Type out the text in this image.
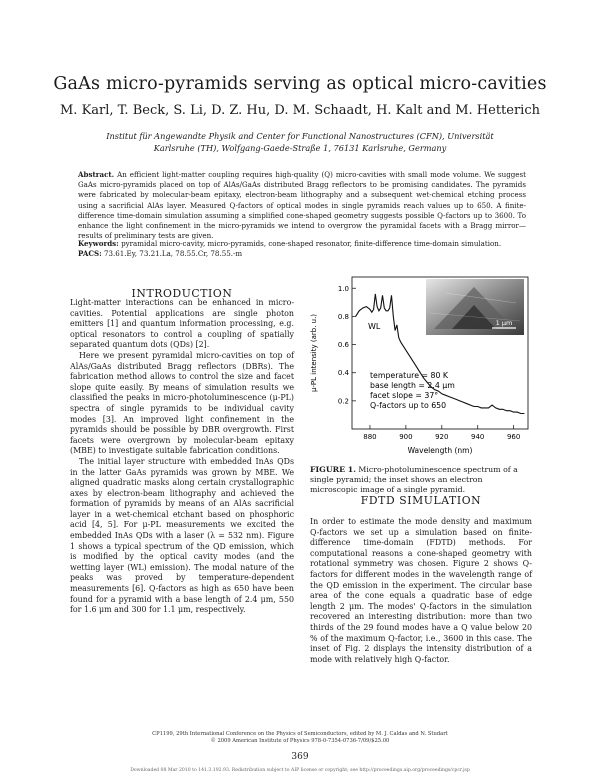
GaAs micro-pyramids serving as optical micro-cavities
M. Karl, T. Beck, S. Li, D. Z. Hu, D. M. Schaadt, H. Kalt and M. Hetterich
Institut für Angewandte Physik and Center for Functional Nanostructures (CFN), Universität
Karlsruhe (TH), Wolfgang-Gaede-Straße 1, 76131 Karlsruhe, Germany
Abstract. An efficient light-matter coupling requires high-quality (Q) micro-cavities with small mode volume. We suggest GaAs micro-pyramids placed on top of AlAs/GaAs distributed Bragg reflectors to be promising candidates. The pyramids were fabricated by molecular-beam epitaxy, electron-beam lithography and a subsequent wet-chemical etching process using a sacrificial AlAs layer. Measured Q-factors of optical modes in single pyramids reach values up to 650. A finite-difference time-domain simulation assuming a simplified cone-shaped geometry suggests possible Q-factors up to 3600. To enhance the light confinement in the micro-pyramids we intend to overgrow the pyramidal facets with a Bragg mirror—results of preliminary tests are given.
Keywords: pyramidal micro-cavity, micro-pyramids, cone-shaped resonator, finite-difference time-domain simulation.
PACS: 73.61.Ey, 73.21.La, 78.55.Cr, 78.55.-m
INTRODUCTION

Light-matter interactions can be enhanced in micro-cavities. Potential applications are single photon emitters [1] and quantum information processing, e.g. optical resonators to control a coupling of spatially separated quantum dots (QDs) [2].

Here we present pyramidal micro-cavities on top of AlAs/GaAs distributed Bragg reflectors (DBRs). The fabrication method allows to control the size and facet slope quite easily. By means of simulation results we classified the peaks in micro-photoluminescence (μ-PL) spectra of single pyramids to be individual cavity modes [3]. An improved light confinement in the pyramids should be possible by DBR overgrowth. First facets were overgrown by molecular-beam epitaxy (MBE) to investigate suitable fabrication conditions.

The initial layer structure with embedded InAs QDs in the latter GaAs pyramids was grown by MBE. We aligned quadratic masks along certain crystallographic axes by electron-beam lithography and achieved the formation of pyramids by means of an AlAs sacrificial layer in a wet-chemical etchant based on phosphoric acid [4, 5]. For μ-PL measurements we excited the embedded InAs QDs with a laser (λ = 532 nm). Figure 1 shows a typical spectrum of the QD emission, which is modified by the optical cavity modes (and the wetting layer (WL) emission). The modal nature of the peaks was proved by temperature-dependent measurements [6]. Q-factors as high as 650 have been found for a pyramid with a base length of 2.4 μm, 550 for 1.6 μm and 300 for 1.1 μm, respectively.

1 μm
0.2
0.4
0.6
0.8
1.0
880	900	920	940	960
μ-PL intensity (arb. u.)
Wavelength (nm)
WL
temperature = 80 K
base length = 2.4 μm
facet slope = 37°
Q-factors up to 650
FIGURE 1. Micro-photoluminescence spectrum of a single pyramid; the inset shows an electron microscopic image of a single pyramid.
FDTD SIMULATION

In order to estimate the mode density and maximum Q-factors we set up a simulation based on finite-difference time-domain (FDTD) methods. For computational reasons a cone-shaped geometry with rotational symmetry was chosen. Figure 2 shows Q-factors for different modes in the wavelength range of the QD emission in the experiment. The circular base area of the cone equals a quadratic base of edge length 2 μm. The modes' Q-factors in the simulation recovered an interesting distribution: more than two thirds of the 29 found modes have a Q value below 20 % of the maximum Q-factor, i.e., 3600 in this case. The inset of Fig. 2 displays the intensity distribution of a mode with relatively high Q-factor.

CP1199, 29th International Conference on the Physics of Semiconductors, edited by M. J. Caldas and N. Studart
© 2009 American Institute of Physics 978-0-7354-0736-7/09/$25.00
369
Downloaded 08 Mar 2010 to 141.3.192.93. Redistribution subject to AIP license or copyright; see http://proceedings.aip.org/proceedings/cpcr.jsp
